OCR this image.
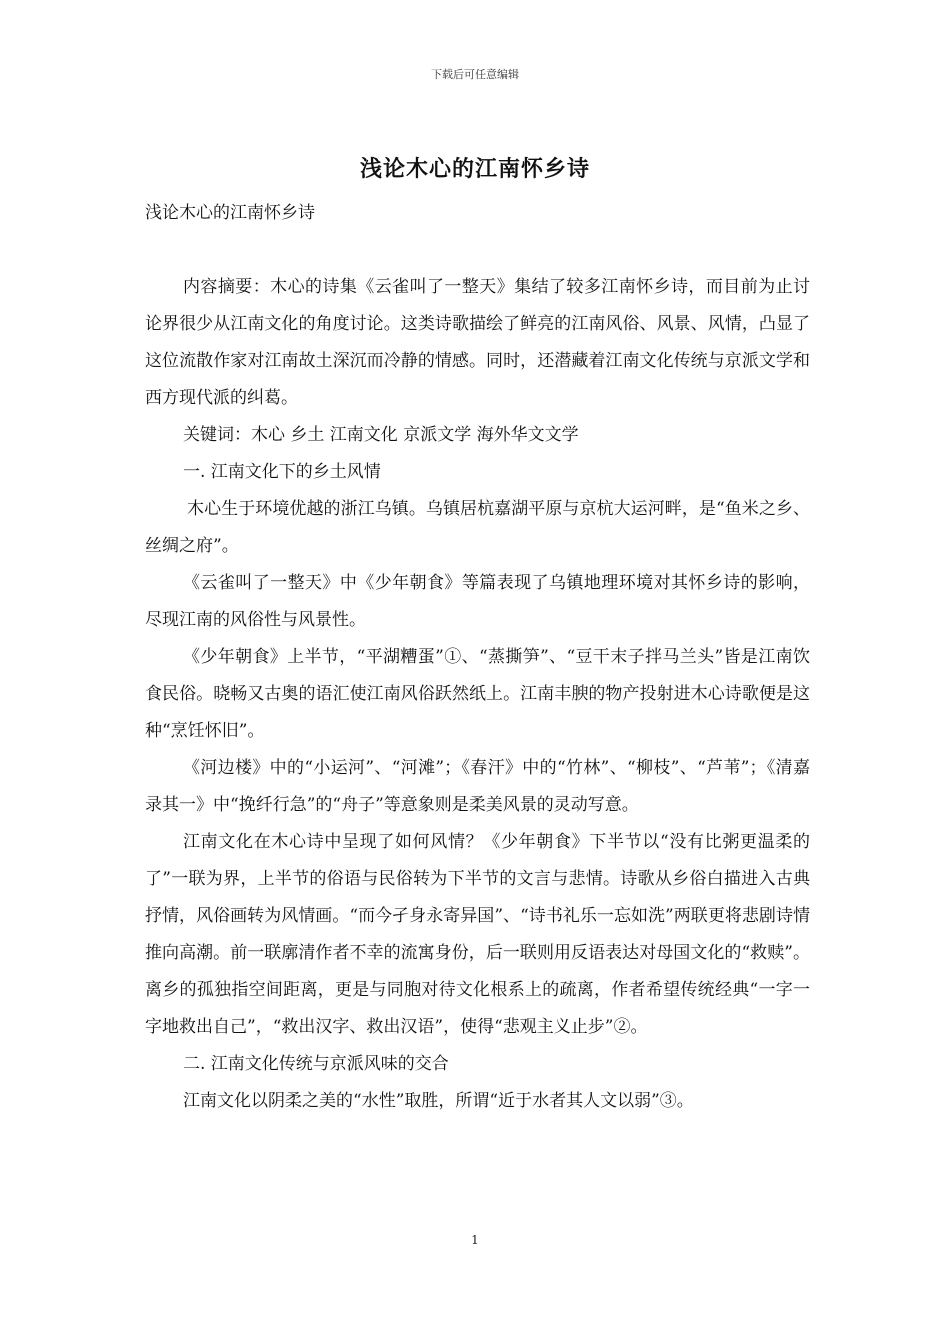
下载后可任意编辑
浅论木心的江南怀乡诗

浅论木心的江南怀乡诗

内容摘要：木心的诗集《云雀叫了一整天》集结了较多江南怀乡诗，而目前为止讨论界很少从江南文化的角度讨论。这类诗歌描绘了鲜亮的江南风俗、风景、风情，凸显了这位流散作家对江南故土深沉而冷静的情感。同时，还潜藏着江南文化传统与京派文学和西方现代派的纠葛。

关键词：木心 乡土 江南文化 京派文学 海外华文文学

一. 江南文化下的乡土风情

木心生于环境优越的浙江乌镇。乌镇居杭嘉湖平原与京杭大运河畔，是“鱼米之乡、丝绸之府”。

《云雀叫了一整天》中《少年朝食》等篇表现了乌镇地理环境对其怀乡诗的影响，尽现江南的风俗性与风景性。

《少年朝食》上半节，“平湖糟蛋”①、“蒸撕笋”、“豆干末子拌马兰头”皆是江南饮食民俗。晓畅又古奥的语汇使江南风俗跃然纸上。江南丰腴的物产投射进木心诗歌便是这种“烹饪怀旧”。

《河边楼》中的“小运河”、“河滩”；《春汗》中的“竹林”、“柳枝”、“芦苇”；《清嘉录其一》中“挽纤行急”的“舟子”等意象则是柔美风景的灵动写意。

江南文化在木心诗中呈现了如何风情？《少年朝食》下半节以“没有比粥更温柔的了”一联为界，上半节的俗语与民俗转为下半节的文言与悲情。诗歌从乡俗白描进入古典抒情，风俗画转为风情画。“而今孑身永寄异国”、“诗书礼乐一忘如洗”两联更将悲剧诗情推向高潮。前一联廓清作者不幸的流寓身份，后一联则用反语表达对母国文化的“救赎”。离乡的孤独指空间距离，更是与同胞对待文化根系上的疏离，作者希望传统经典“一字一字地救出自己”，“救出汉字、救出汉语”，使得“悲观主义止步”②。

二. 江南文化传统与京派风味的交合

江南文化以阴柔之美的“水性”取胜，所谓“近于水者其人文以弱”③。

1
